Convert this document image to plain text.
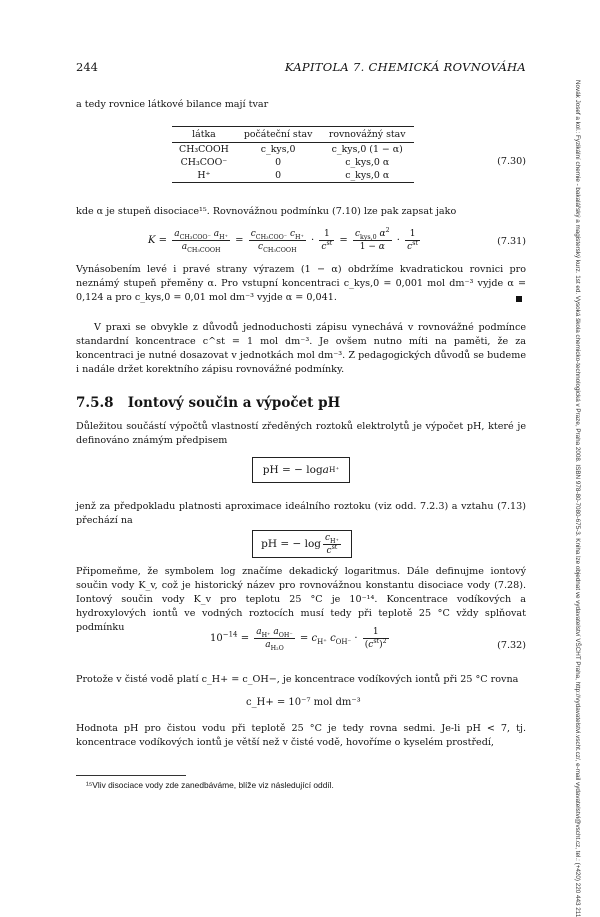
244	KAPITOLA 7. CHEMICKÁ ROVNOVÁHA
a tedy rovnice látkové bilance mají tvar
látka	počáteční stav	rovnovážný stav
CH₃COOH	c_kys,0	c_kys,0 (1 − α)
CH₃COO⁻	0	c_kys,0 α
H⁺	0	c_kys,0 α
(7.30)
kde α je stupeň disociace¹⁵. Rovnovážnou podmínku (7.10) lze pak zapsat jako
$K = \frac{a_{CH_3COO^-} a_{H^+}}{a_{CH_3COOH}} = \frac{c_{CH_3COO^-} c_{H^+}}{c_{CH_3COOH}} \cdot \frac{1}{c^{st}} = \frac{c_{kys,0} \alpha^2}{1 - \alpha} \cdot \frac{1}{c^{st}}$	(7.31)
Vynásobením levé i pravé strany výrazem (1 − α) obdržíme kvadratickou rovnici pro neznámý stupeň přeměny α. Pro vstupní koncentraci c_kys,0 = 0,001 mol dm⁻³ vyjde α = 0,124 a pro c_kys,0 = 0,01 mol dm⁻³ vyjde α = 0,041.
V praxi se obvykle z důvodů jednoduchosti zápisu vynechává v rovnovážné podmínce standardní koncentrace c^st = 1 mol dm⁻³. Je ovšem nutno míti na paměti, že za koncentraci je nutné dosazovat v jednotkách mol dm⁻³. Z pedagogických důvodů se budeme i nadále držet korektního zápisu rovnovážné podmínky.
7.5.8 Iontový součin a výpočet pH
Důležitou součástí výpočtů vlastností zředěných roztoků elektrolytů je výpočet pH, které je definováno známým předpisem
pH = − log a H⁺
jenž za předpokladu platnosti aproximace ideálního roztoku (viz odd. 7.2.3) a vztahu (7.13) přechází na
pH = − $\log \frac{c_{H^+}}{c^{st}}$
Připomeňme, že symbolem log značíme dekadický logaritmus. Dále definujme iontový součin vody K_v, což je historický název pro rovnovážnou konstantu disociace vody (7.28). Iontový součin vody K_v pro teplotu 25 °C je 10⁻¹⁴. Koncentrace vodíkových a hydroxylových iontů ve vodných roztocích musí tedy při teplotě 25 °C vždy splňovat podmínku
$10^{-14} = \frac{a_{H^+} a_{OH^-}}{a_{H_2O}} = c_{H^+}$ $c_{OH^-} \cdot \frac{1}{(c^{st})^2}$	(7.32)
Protože v čisté vodě platí c_H+ = c_OH−, je koncentrace vodíkových iontů při 25 °C rovna
c_H+ = 10⁻⁷ mol dm⁻³
Hodnota pH pro čistou vodu při teplotě 25 °C je tedy rovna sedmi. Je-li pH < 7, tj. koncentrace vodíkových iontů je větší než v čisté vodě, hovoříme o kyselém prostředí,
¹⁵Vliv disociace vody zde zanedbáváme, blíže viz následující oddíl.	Novák Josef a kol.: Fyzikální chemie - bakalářský a magisterský kurz. 1st ed. Vysoká škola chemicko-technologická v Praze, Praha 2008. ISBN 978-80-7080-675-3. Kniha lze objednat ve vydavatelství VŠCHT Praha, http://vydavatelstvi.vscht.cz/, e-mail vydavatelstvi@vscht.cz, tel.: (+420) 220 443 211
